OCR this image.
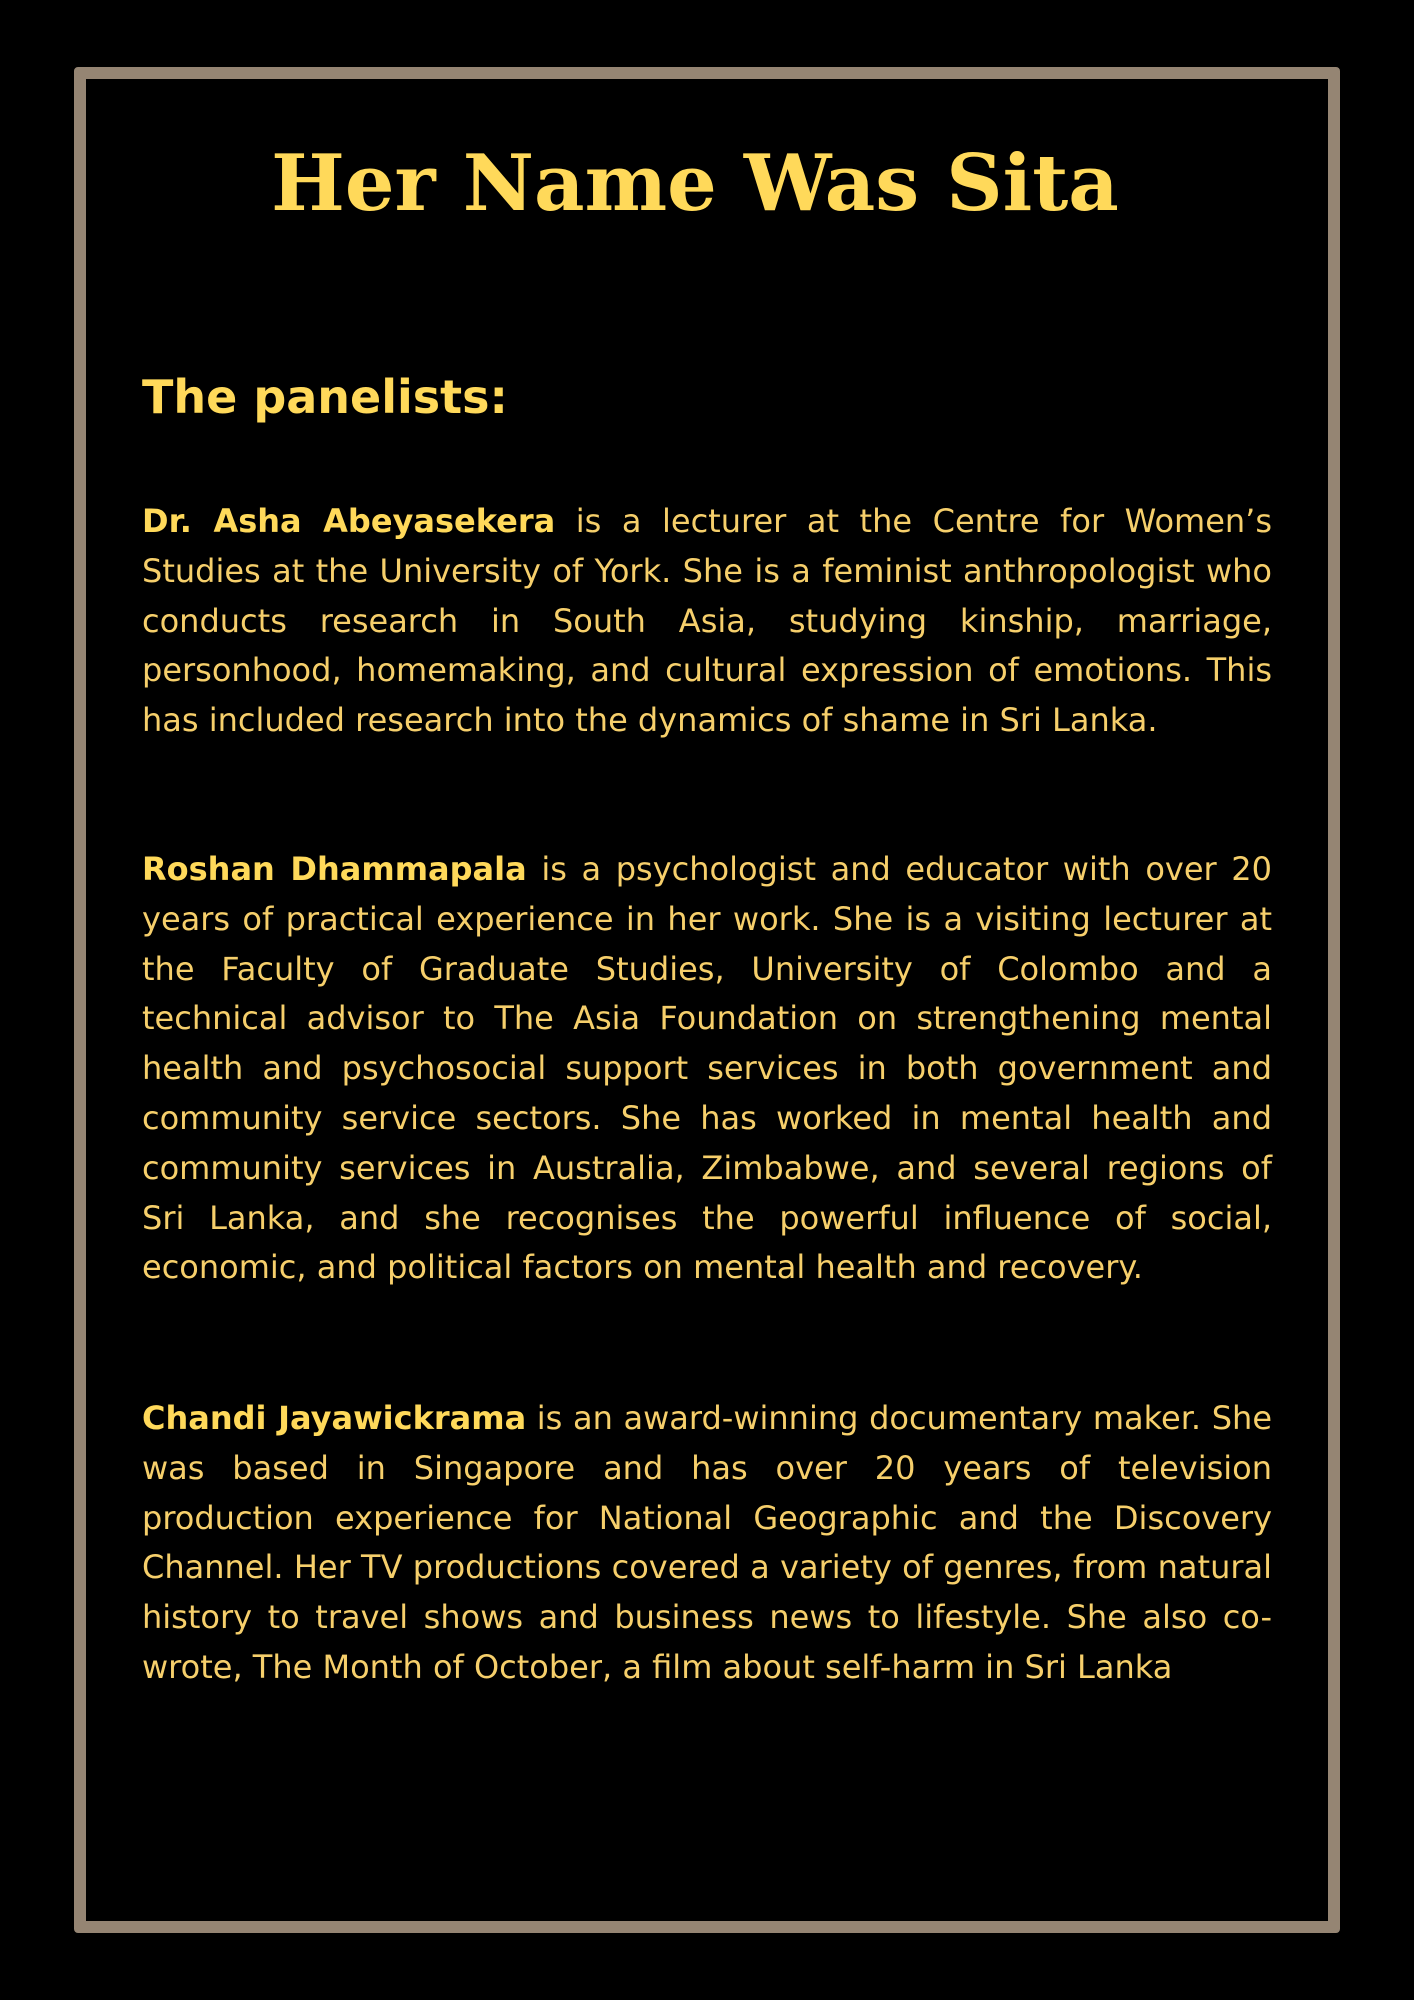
Her Name Was Sita
The panelists:

Dr. Asha Abeyasekera is a lecturer at the Centre for Women’s Studies at the University of York. She is a feminist anthropologist who conducts research in South Asia, studying kinship, marriage, personhood, homemaking, and cultural expression of emotions. This has included research into the dynamics of shame in Sri Lanka.

Roshan Dhammapala is a psychologist and educator with over 20 years of practical experience in her work. She is a visiting lecturer at the Faculty of Graduate Studies, University of Colombo and a technical advisor to The Asia Foundation on strengthening mental health and psychosocial support services in both government and community service sectors. She has worked in mental health and community services in Australia, Zimbabwe, and several regions of Sri Lanka, and she recognises the powerful influence of social, economic, and political factors on mental health and recovery.

Chandi Jayawickrama is an award-winning documentary maker. She was based in Singapore and has over 20 years of television production experience for National Geographic and the Discovery Channel. Her TV productions covered a variety of genres, from natural history to travel shows and business news to lifestyle. She also co-wrote, The Month of October, a film about self-harm in Sri Lanka
